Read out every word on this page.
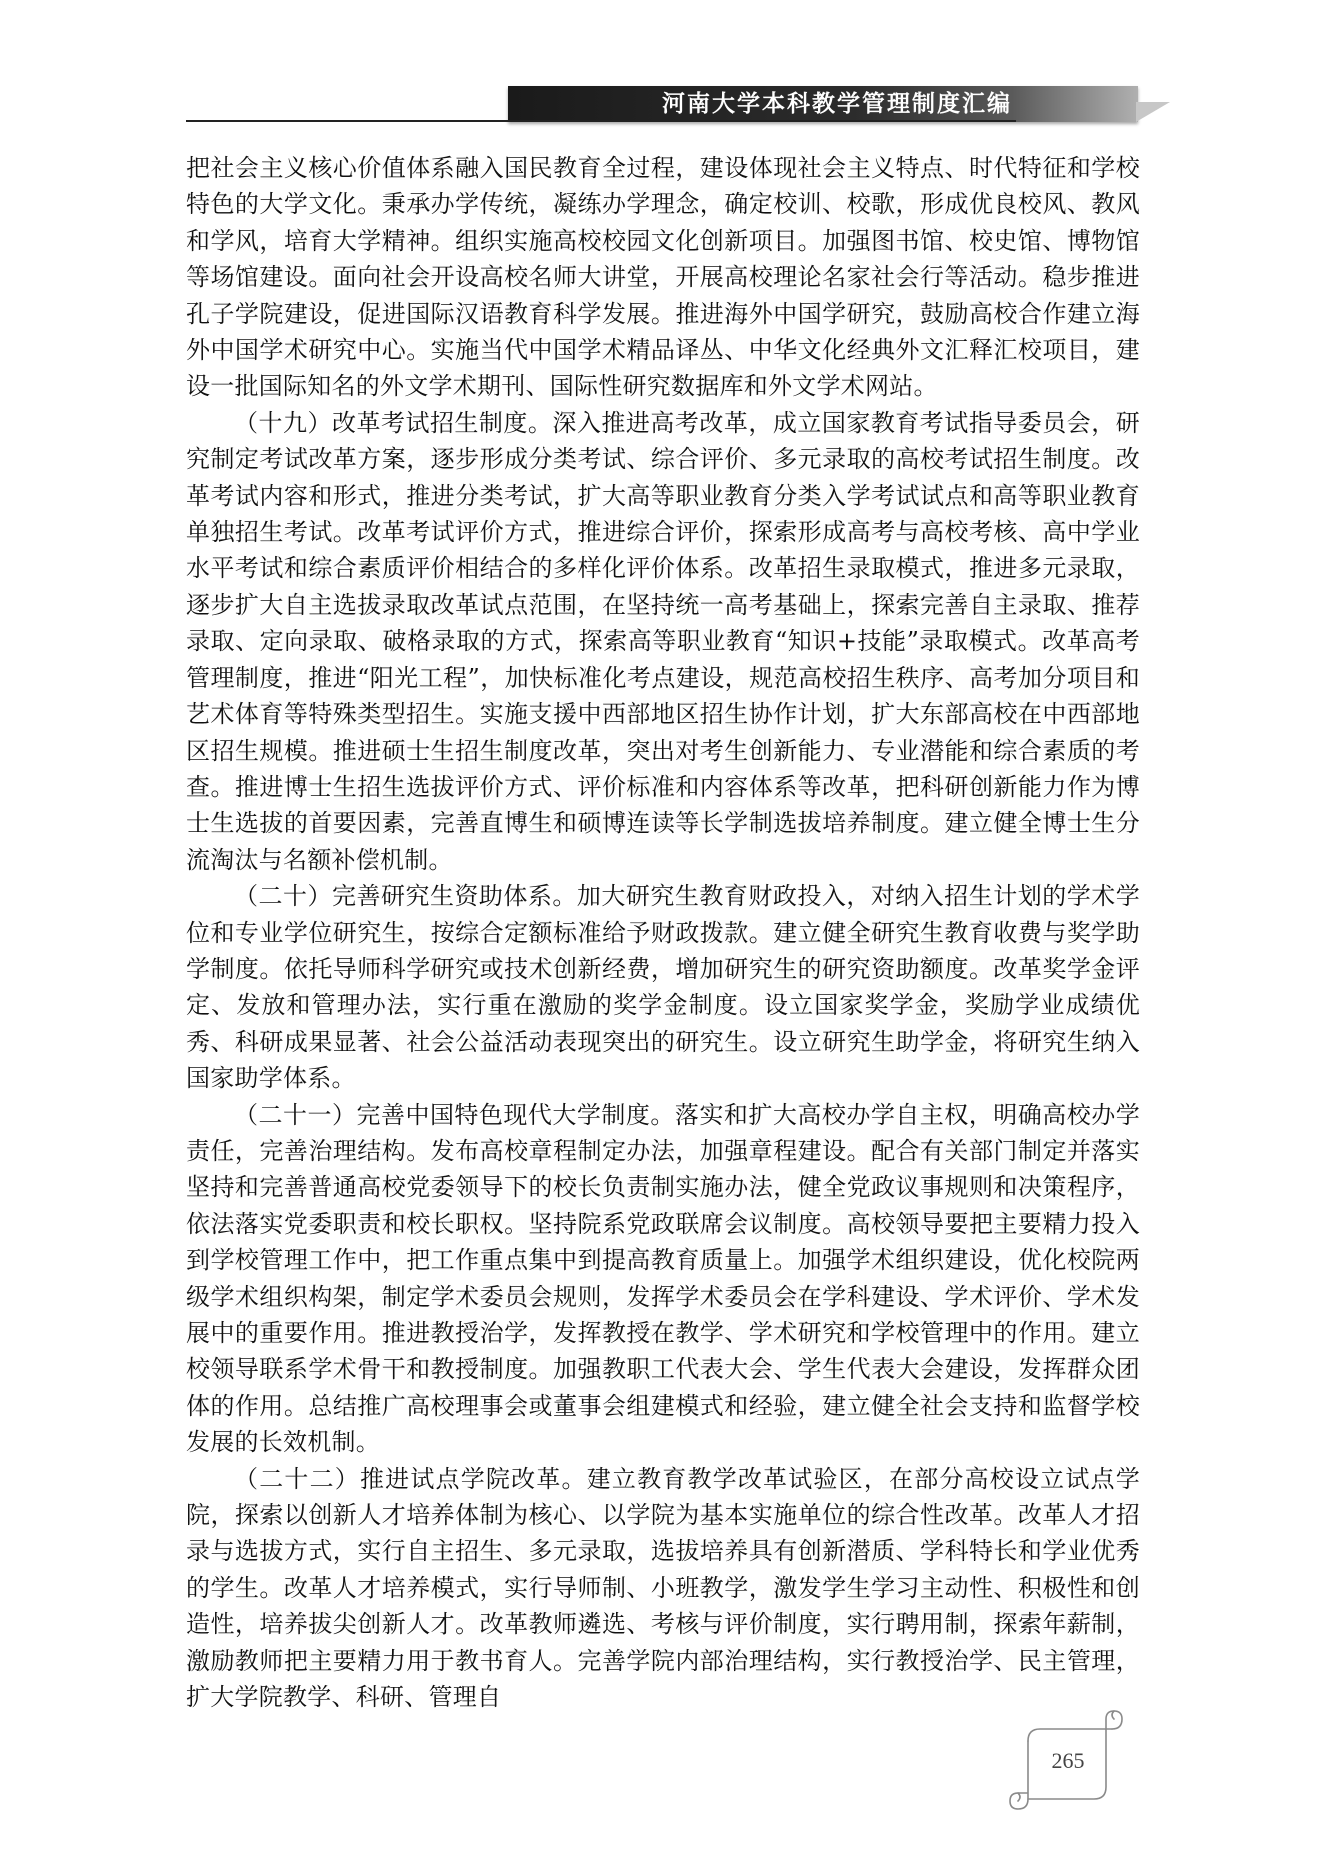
河南大学本科教学管理制度汇编

把社会主义核心价值体系融入国民教育全过程，建设体现社会主义特点、时代特征和学校特色的大学文化。秉承办学传统，凝练办学理念，确定校训、校歌，形成优良校风、教风和学风，培育大学精神。组织实施高校校园文化创新项目。加强图书馆、校史馆、博物馆等场馆建设。面向社会开设高校名师大讲堂，开展高校理论名家社会行等活动。稳步推进孔子学院建设，促进国际汉语教育科学发展。推进海外中国学研究，鼓励高校合作建立海外中国学术研究中心。实施当代中国学术精品译丛、中华文化经典外文汇释汇校项目，建设一批国际知名的外文学术期刊、国际性研究数据库和外文学术网站。

（十九）改革考试招生制度。深入推进高考改革，成立国家教育考试指导委员会，研究制定考试改革方案，逐步形成分类考试、综合评价、多元录取的高校考试招生制度。改革考试内容和形式，推进分类考试，扩大高等职业教育分类入学考试试点和高等职业教育单独招生考试。改革考试评价方式，推进综合评价，探索形成高考与高校考核、高中学业水平考试和综合素质评价相结合的多样化评价体系。改革招生录取模式，推进多元录取，逐步扩大自主选拔录取改革试点范围，在坚持统一高考基础上，探索完善自主录取、推荐录取、定向录取、破格录取的方式，探索高等职业教育“知识+技能”录取模式。改革高考管理制度，推进“阳光工程”，加快标准化考点建设，规范高校招生秩序、高考加分项目和艺术体育等特殊类型招生。实施支援中西部地区招生协作计划，扩大东部高校在中西部地区招生规模。推进硕士生招生制度改革，突出对考生创新能力、专业潜能和综合素质的考查。推进博士生招生选拔评价方式、评价标准和内容体系等改革，把科研创新能力作为博士生选拔的首要因素，完善直博生和硕博连读等长学制选拔培养制度。建立健全博士生分流淘汰与名额补偿机制。

（二十）完善研究生资助体系。加大研究生教育财政投入，对纳入招生计划的学术学位和专业学位研究生，按综合定额标准给予财政拨款。建立健全研究生教育收费与奖学助学制度。依托导师科学研究或技术创新经费，增加研究生的研究资助额度。改革奖学金评定、发放和管理办法，实行重在激励的奖学金制度。设立国家奖学金，奖励学业成绩优秀、科研成果显著、社会公益活动表现突出的研究生。设立研究生助学金，将研究生纳入国家助学体系。

（二十一）完善中国特色现代大学制度。落实和扩大高校办学自主权，明确高校办学责任，完善治理结构。发布高校章程制定办法，加强章程建设。配合有关部门制定并落实坚持和完善普通高校党委领导下的校长负责制实施办法，健全党政议事规则和决策程序，依法落实党委职责和校长职权。坚持院系党政联席会议制度。高校领导要把主要精力投入到学校管理工作中，把工作重点集中到提高教育质量上。加强学术组织建设，优化校院两级学术组织构架，制定学术委员会规则，发挥学术委员会在学科建设、学术评价、学术发展中的重要作用。推进教授治学，发挥教授在教学、学术研究和学校管理中的作用。建立校领导联系学术骨干和教授制度。加强教职工代表大会、学生代表大会建设，发挥群众团体的作用。总结推广高校理事会或董事会组建模式和经验，建立健全社会支持和监督学校发展的长效机制。

（二十二）推进试点学院改革。建立教育教学改革试验区，在部分高校设立试点学院，探索以创新人才培养体制为核心、以学院为基本实施单位的综合性改革。改革人才招录与选拔方式，实行自主招生、多元录取，选拔培养具有创新潜质、学科特长和学业优秀的学生。改革人才培养模式，实行导师制、小班教学，激发学生学习主动性、积极性和创造性，培养拔尖创新人才。改革教师遴选、考核与评价制度，实行聘用制，探索年薪制，激励教师把主要精力用于教书育人。完善学院内部治理结构，实行教授治学、民主管理，扩大学院教学、科研、管理自

265
